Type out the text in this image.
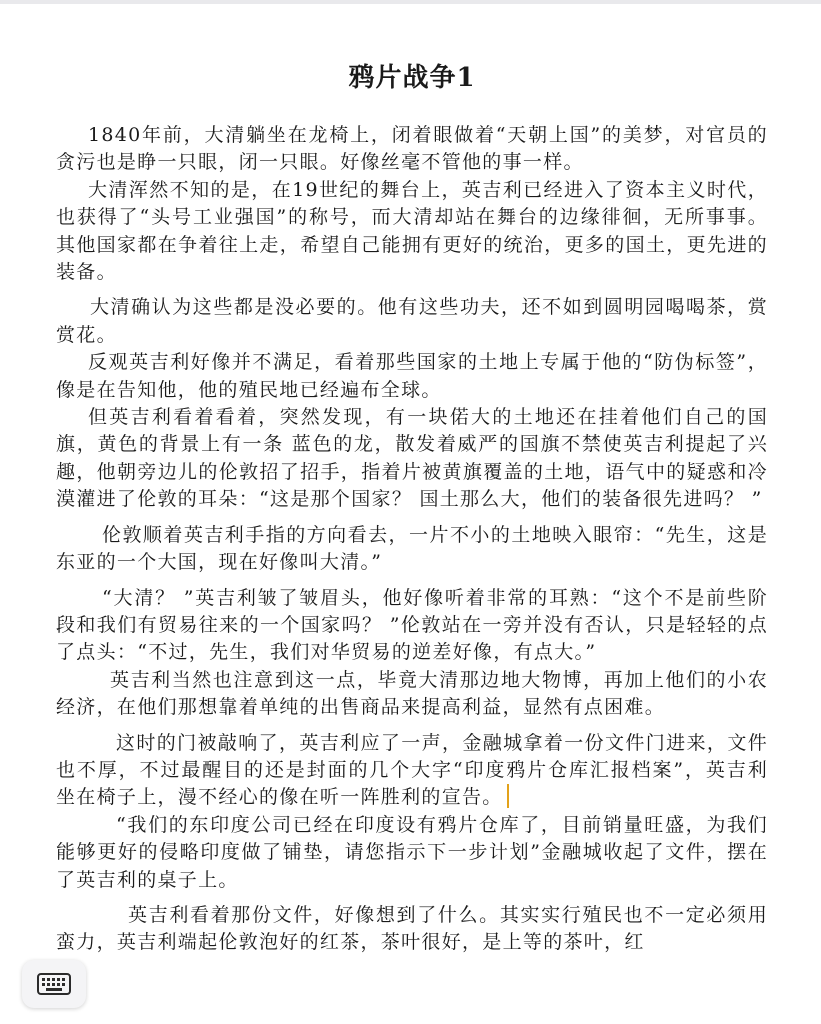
鸦片战争1

1840年前，大清躺坐在龙椅上，闭着眼做着“天朝上国”的美梦，对官员的贪污也是睁一只眼，闭一只眼。好像丝毫不管他的事一样。

大清浑然不知的是，在19世纪的舞台上，英吉利已经进入了资本主义时代，也获得了“头号工业强国”的称号，而大清却站在舞台的边缘徘徊，无所事事。其他国家都在争着往上走，希望自己能拥有更好的统治，更多的国土，更先进的装备。

大清确认为这些都是没必要的。他有这些功夫，还不如到圆明园喝喝茶，赏赏花。

反观英吉利好像并不满足，看着那些国家的土地上专属于他的“防伪标签”，像是在告知他，他的殖民地已经遍布全球。

但英吉利看着看着，突然发现，有一块偌大的土地还在挂着他们自己的国旗，黄色的背景上有一条 蓝色的龙，散发着威严的国旗不禁使英吉利提起了兴趣，他朝旁边儿的伦敦招了招手，指着片被黄旗覆盖的土地，语气中的疑惑和冷漠灌进了伦敦的耳朵：“这是那个国家？ 国土那么大，他们的装备很先进吗？ ”

伦敦顺着英吉利手指的方向看去，一片不小的土地映入眼帘：“先生，这是东亚的一个大国，现在好像叫大清。”

“大清？ ”英吉利皱了皱眉头，他好像听着非常的耳熟：“这个不是前些阶段和我们有贸易往来的一个国家吗？ ”伦敦站在一旁并没有否认，只是轻轻的点了点头：“不过，先生，我们对华贸易的逆差好像，有点大。”

英吉利当然也注意到这一点，毕竟大清那边地大物博，再加上他们的小农经济，在他们那想靠着单纯的出售商品来提高利益，显然有点困难。

这时的门被敲响了，英吉利应了一声，金融城拿着一份文件门进来，文件也不厚，不过最醒目的还是封面的几个大字“印度鸦片仓库汇报档案”，英吉利坐在椅子上，漫不经心的像在听一阵胜利的宣告。

“我们的东印度公司已经在印度设有鸦片仓库了，目前销量旺盛，为我们能够更好的侵略印度做了铺垫，请您指示下一步计划”金融城收起了文件，摆在了英吉利的桌子上。

英吉利看着那份文件，好像想到了什么。其实实行殖民也不一定必须用蛮力，英吉利端起伦敦泡好的红茶，茶叶很好，是上等的茶叶，红
